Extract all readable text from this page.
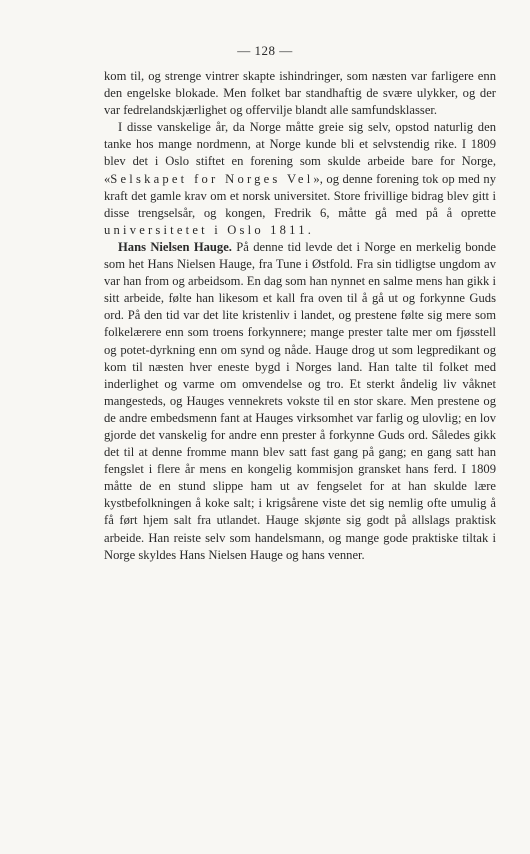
— 128 —

kom til, og strenge vintrer skapte ishindringer, som næsten var farligere enn den engelske blokade. Men folket bar standhaftig de svære ulykker, og der var fedrelandskjærlighet og offervilje blandt alle samfundsklasser.

I disse vanskelige år, da Norge måtte greie sig selv, opstod naturlig den tanke hos mange nordmenn, at Norge kunde bli et selvstendig rike. I 1809 blev det i Oslo stiftet en forening som skulde arbeide bare for Norge, «Selskapet for Norges Vel», og denne forening tok op med ny kraft det gamle krav om et norsk universitet. Store frivillige bidrag blev gitt i disse trengselsår, og kongen, Fredrik 6, måtte gå med på å oprette universitetet i Oslo 1811.

Hans Nielsen Hauge. På denne tid levde det i Norge en merkelig bonde som het Hans Nielsen Hauge, fra Tune i Østfold. Fra sin tidligtse ungdom av var han from og arbeidsom. En dag som han nynnet en salme mens han gikk i sitt arbeide, følte han likesom et kall fra oven til å gå ut og forkynne Guds ord. På den tid var det lite kristenliv i landet, og prestene følte sig mere som folkelærere enn som troens forkynnere; mange prester talte mer om fjøsstell og potet-dyrkning enn om synd og nåde. Hauge drog ut som legpredikant og kom til næsten hver eneste bygd i Norges land. Han talte til folket med inderlighet og varme om omvendelse og tro. Et sterkt åndelig liv våknet mangesteds, og Hauges vennekrets vokste til en stor skare. Men prestene og de andre embedsmenn fant at Hauges virksomhet var farlig og ulovlig; en lov gjorde det vanskelig for andre enn prester å forkynne Guds ord. Således gikk det til at denne fromme mann blev satt fast gang på gang; en gang satt han fengslet i flere år mens en kongelig kommisjon gransket hans ferd. I 1809 måtte de en stund slippe ham ut av fengselet for at han skulde lære kystbefolkningen å koke salt; i krigsårene viste det sig nemlig ofte umulig å få ført hjem salt fra utlandet. Hauge skjønte sig godt på allslags praktisk arbeide. Han reiste selv som handelsmann, og mange gode praktiske tiltak i Norge skyldes Hans Nielsen Hauge og hans venner.
